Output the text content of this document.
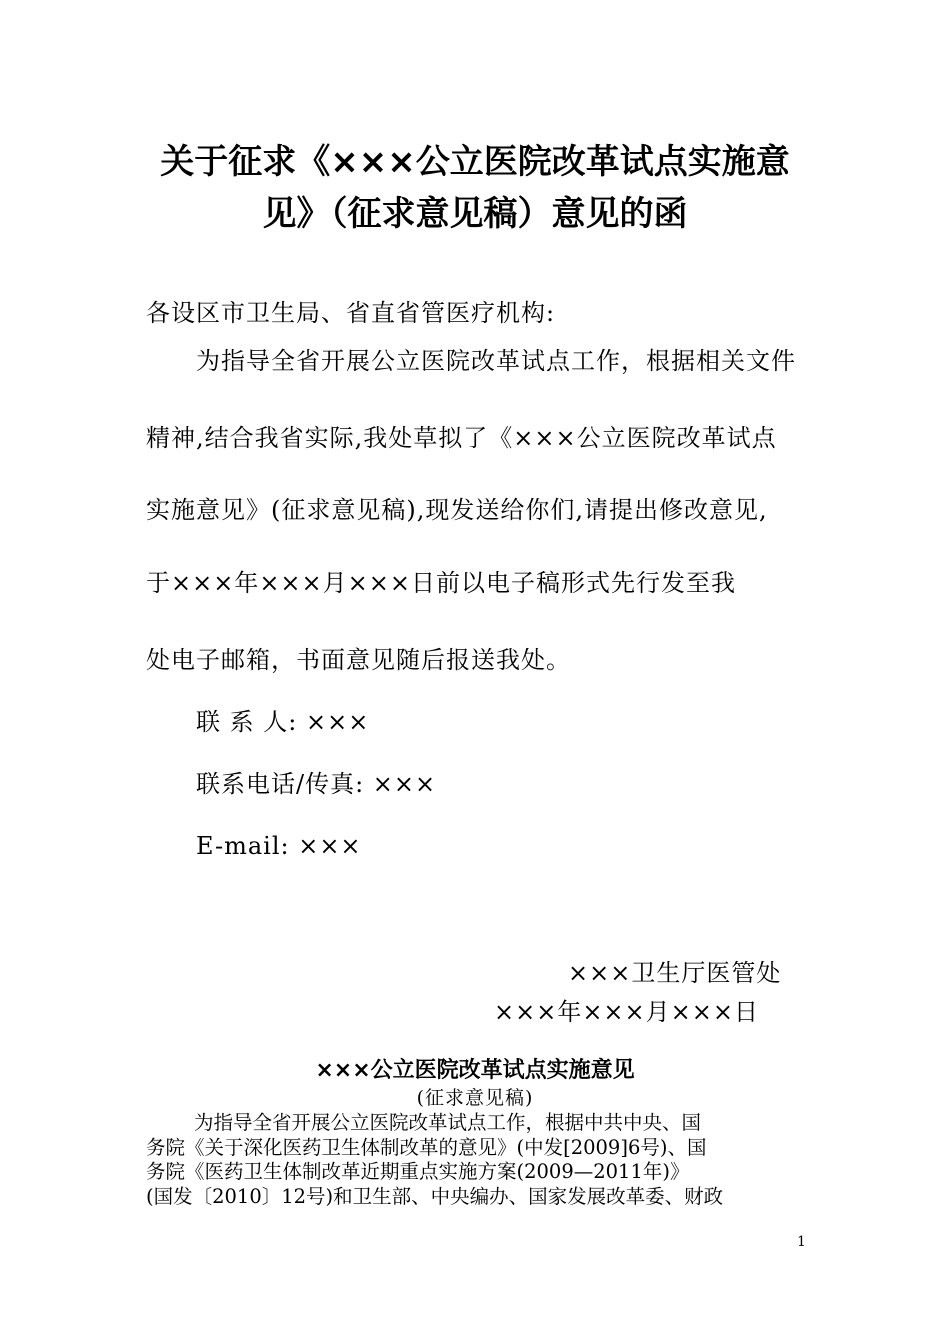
关于征求《×××公立医院改革试点实施意
见》（征求意见稿）意见的函
各设区市卫生局、省直省管医疗机构:
为指导全省开展公立医院改革试点工作，根据相关文件
精神,结合我省实际,我处草拟了《×××公立医院改革试点
实施意见》(征求意见稿),现发送给你们,请提出修改意见,
于×××年×××月×××日前以电子稿形式先行发至我
处电子邮箱，书面意见随后报送我处。
联 系 人: ×××
联系电话/传真: ×××
E-mail: ×××
×××卫生厅医管处
×××年×××月×××日
×××公立医院改革试点实施意见
(征求意见稿)
为指导全省开展公立医院改革试点工作，根据中共中央、国
务院《关于深化医药卫生体制改革的意见》(中发[2009]6号)、国
务院《医药卫生体制改革近期重点实施方案(2009—2011年)》
(国发〔2010〕12号)和卫生部、中央编办、国家发展改革委、财政
1
